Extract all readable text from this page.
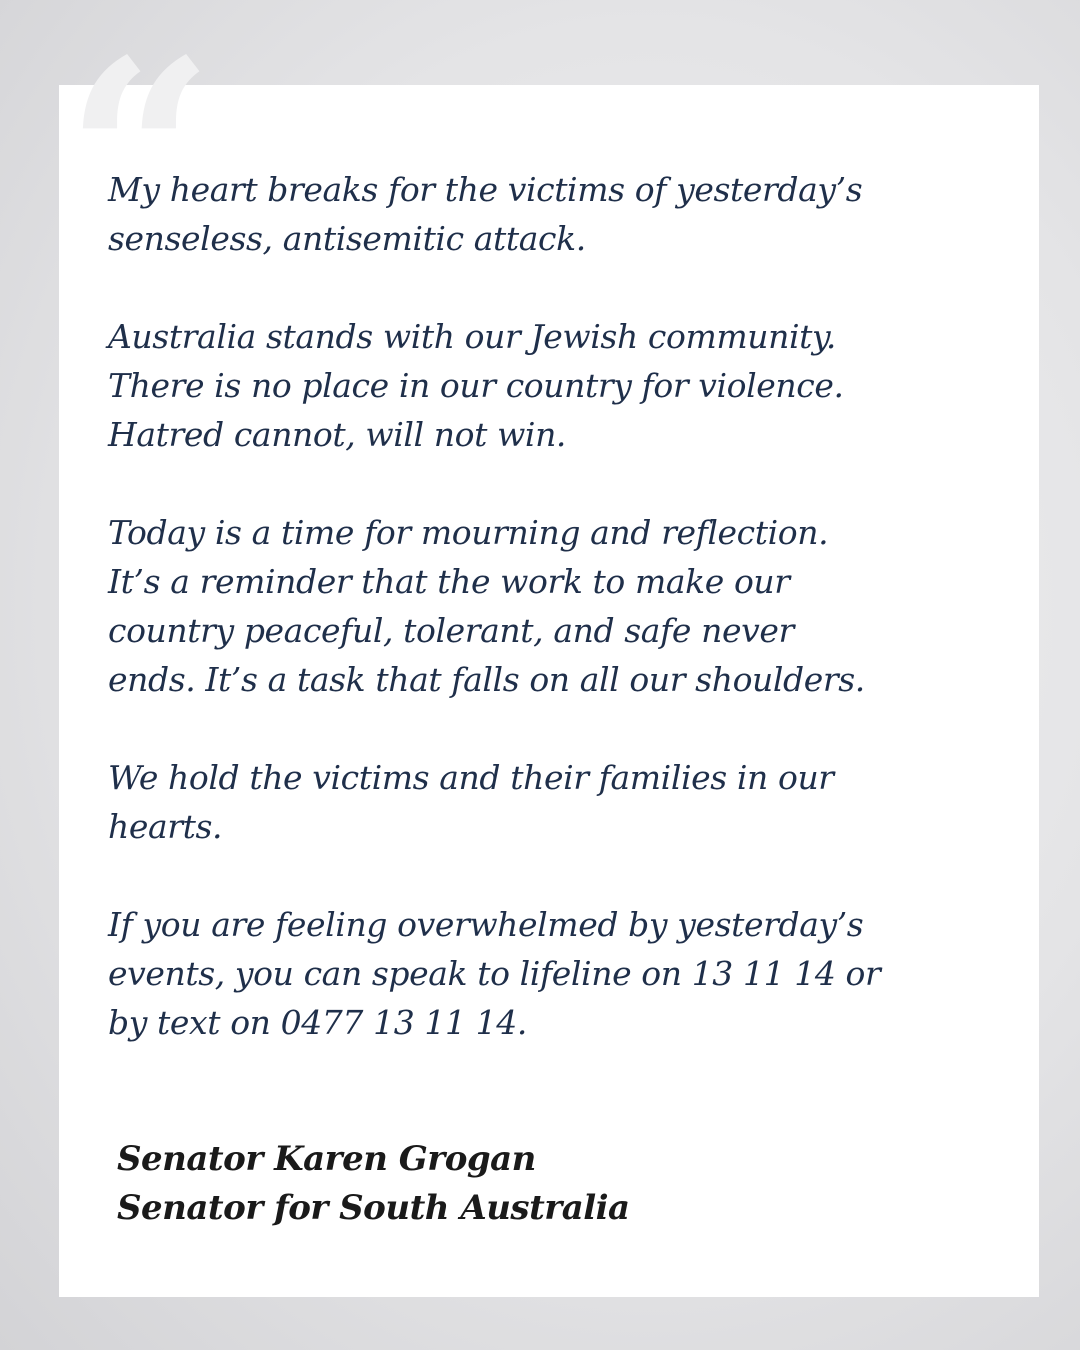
“

My heart breaks for the victims of yesterday’s
senseless, antisemitic attack.

Australia stands with our Jewish community.
There is no place in our country for violence.
Hatred cannot, will not win.

Today is a time for mourning and reflection.
It’s a reminder that the work to make our
country peaceful, tolerant, and safe never
ends. It’s a task that falls on all our shoulders.

We hold the victims and their families in our
hearts.

If you are feeling overwhelmed by yesterday’s
events, you can speak to lifeline on 13 11 14 or
by text on 0477 13 11 14.

Senator Karen Grogan
Senator for South Australia
